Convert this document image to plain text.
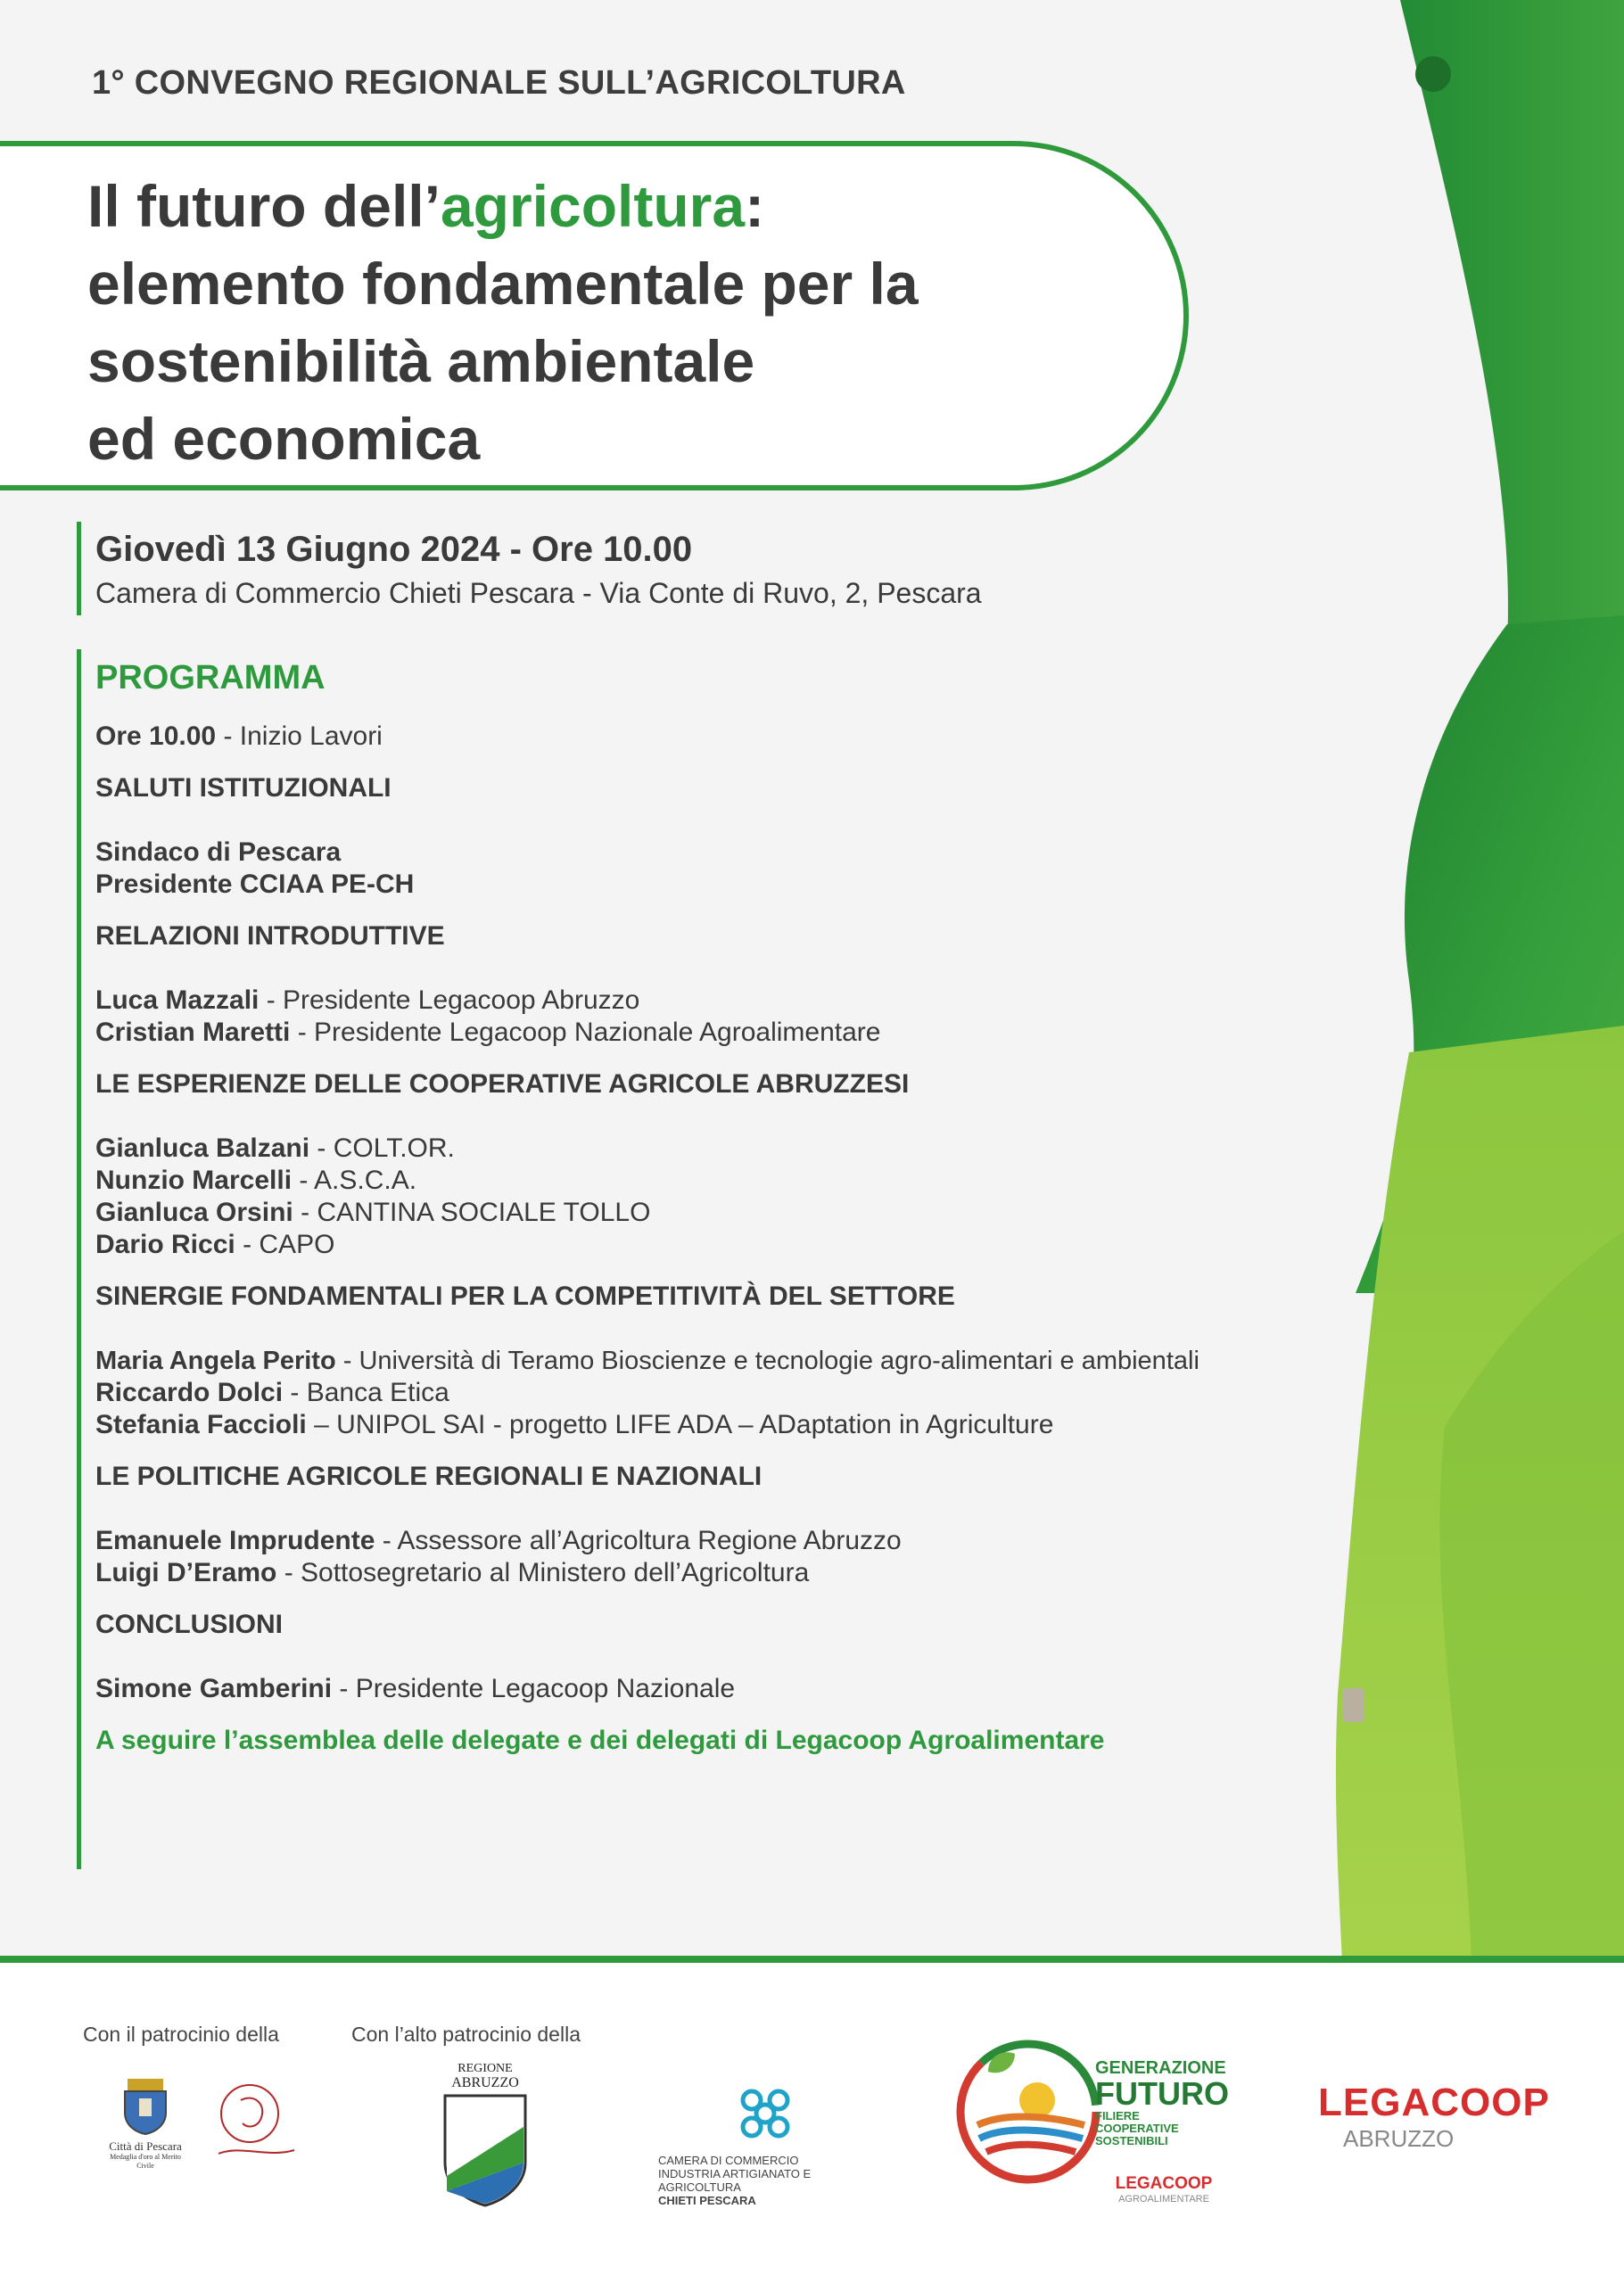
1° CONVEGNO REGIONALE SULL’AGRICOLTURA
Il futuro dell’agricoltura:
elemento fondamentale per la
sostenibilità ambientale
ed economica
Giovedì 13 Giugno 2024 - Ore 10.00
Camera di Commercio Chieti Pescara - Via Conte di Ruvo, 2, Pescara
PROGRAMMA
Ore 10.00 - Inizio Lavori
SALUTI ISTITUZIONALI
Sindaco di Pescara
Presidente CCIAA PE-CH
RELAZIONI INTRODUTTIVE
Luca Mazzali - Presidente Legacoop Abruzzo
Cristian Maretti - Presidente Legacoop Nazionale Agroalimentare
LE ESPERIENZE DELLE COOPERATIVE AGRICOLE ABRUZZESI
Gianluca Balzani - COLT.OR.
Nunzio Marcelli - A.S.C.A.
Gianluca Orsini - CANTINA SOCIALE TOLLO
Dario Ricci - CAPO
SINERGIE FONDAMENTALI PER LA COMPETITIVITÀ DEL SETTORE
Maria Angela Perito - Università di Teramo Bioscienze e tecnologie agro-alimentari e ambientali
Riccardo Dolci - Banca Etica
Stefania Faccioli – UNIPOL SAI - progetto LIFE ADA – ADaptation in Agriculture
LE POLITICHE AGRICOLE REGIONALI E NAZIONALI
Emanuele Imprudente - Assessore all’Agricoltura Regione Abruzzo
Luigi D’Eramo - Sottosegretario al Ministero dell’Agricoltura
CONCLUSIONI
Simone Gamberini - Presidente Legacoop Nazionale
A seguire l’assemblea delle delegate e dei delegati di Legacoop Agroalimentare
Con il patrocinio della	Con l’alto patrocinio della
Città di Pescara
Medaglia d'oro al Merito Civile
REGIONE
ABRUZZO
CAMERA DI COMMERCIO
INDUSTRIA ARTIGIANATO E AGRICOLTURA
CHIETI PESCARA
GENERAZIONE
FUTURO
FILIERE
COOPERATIVE
SOSTENIBILI
LEGACOOP
AGROALIMENTARE
LEGACOOP
ABRUZZO
